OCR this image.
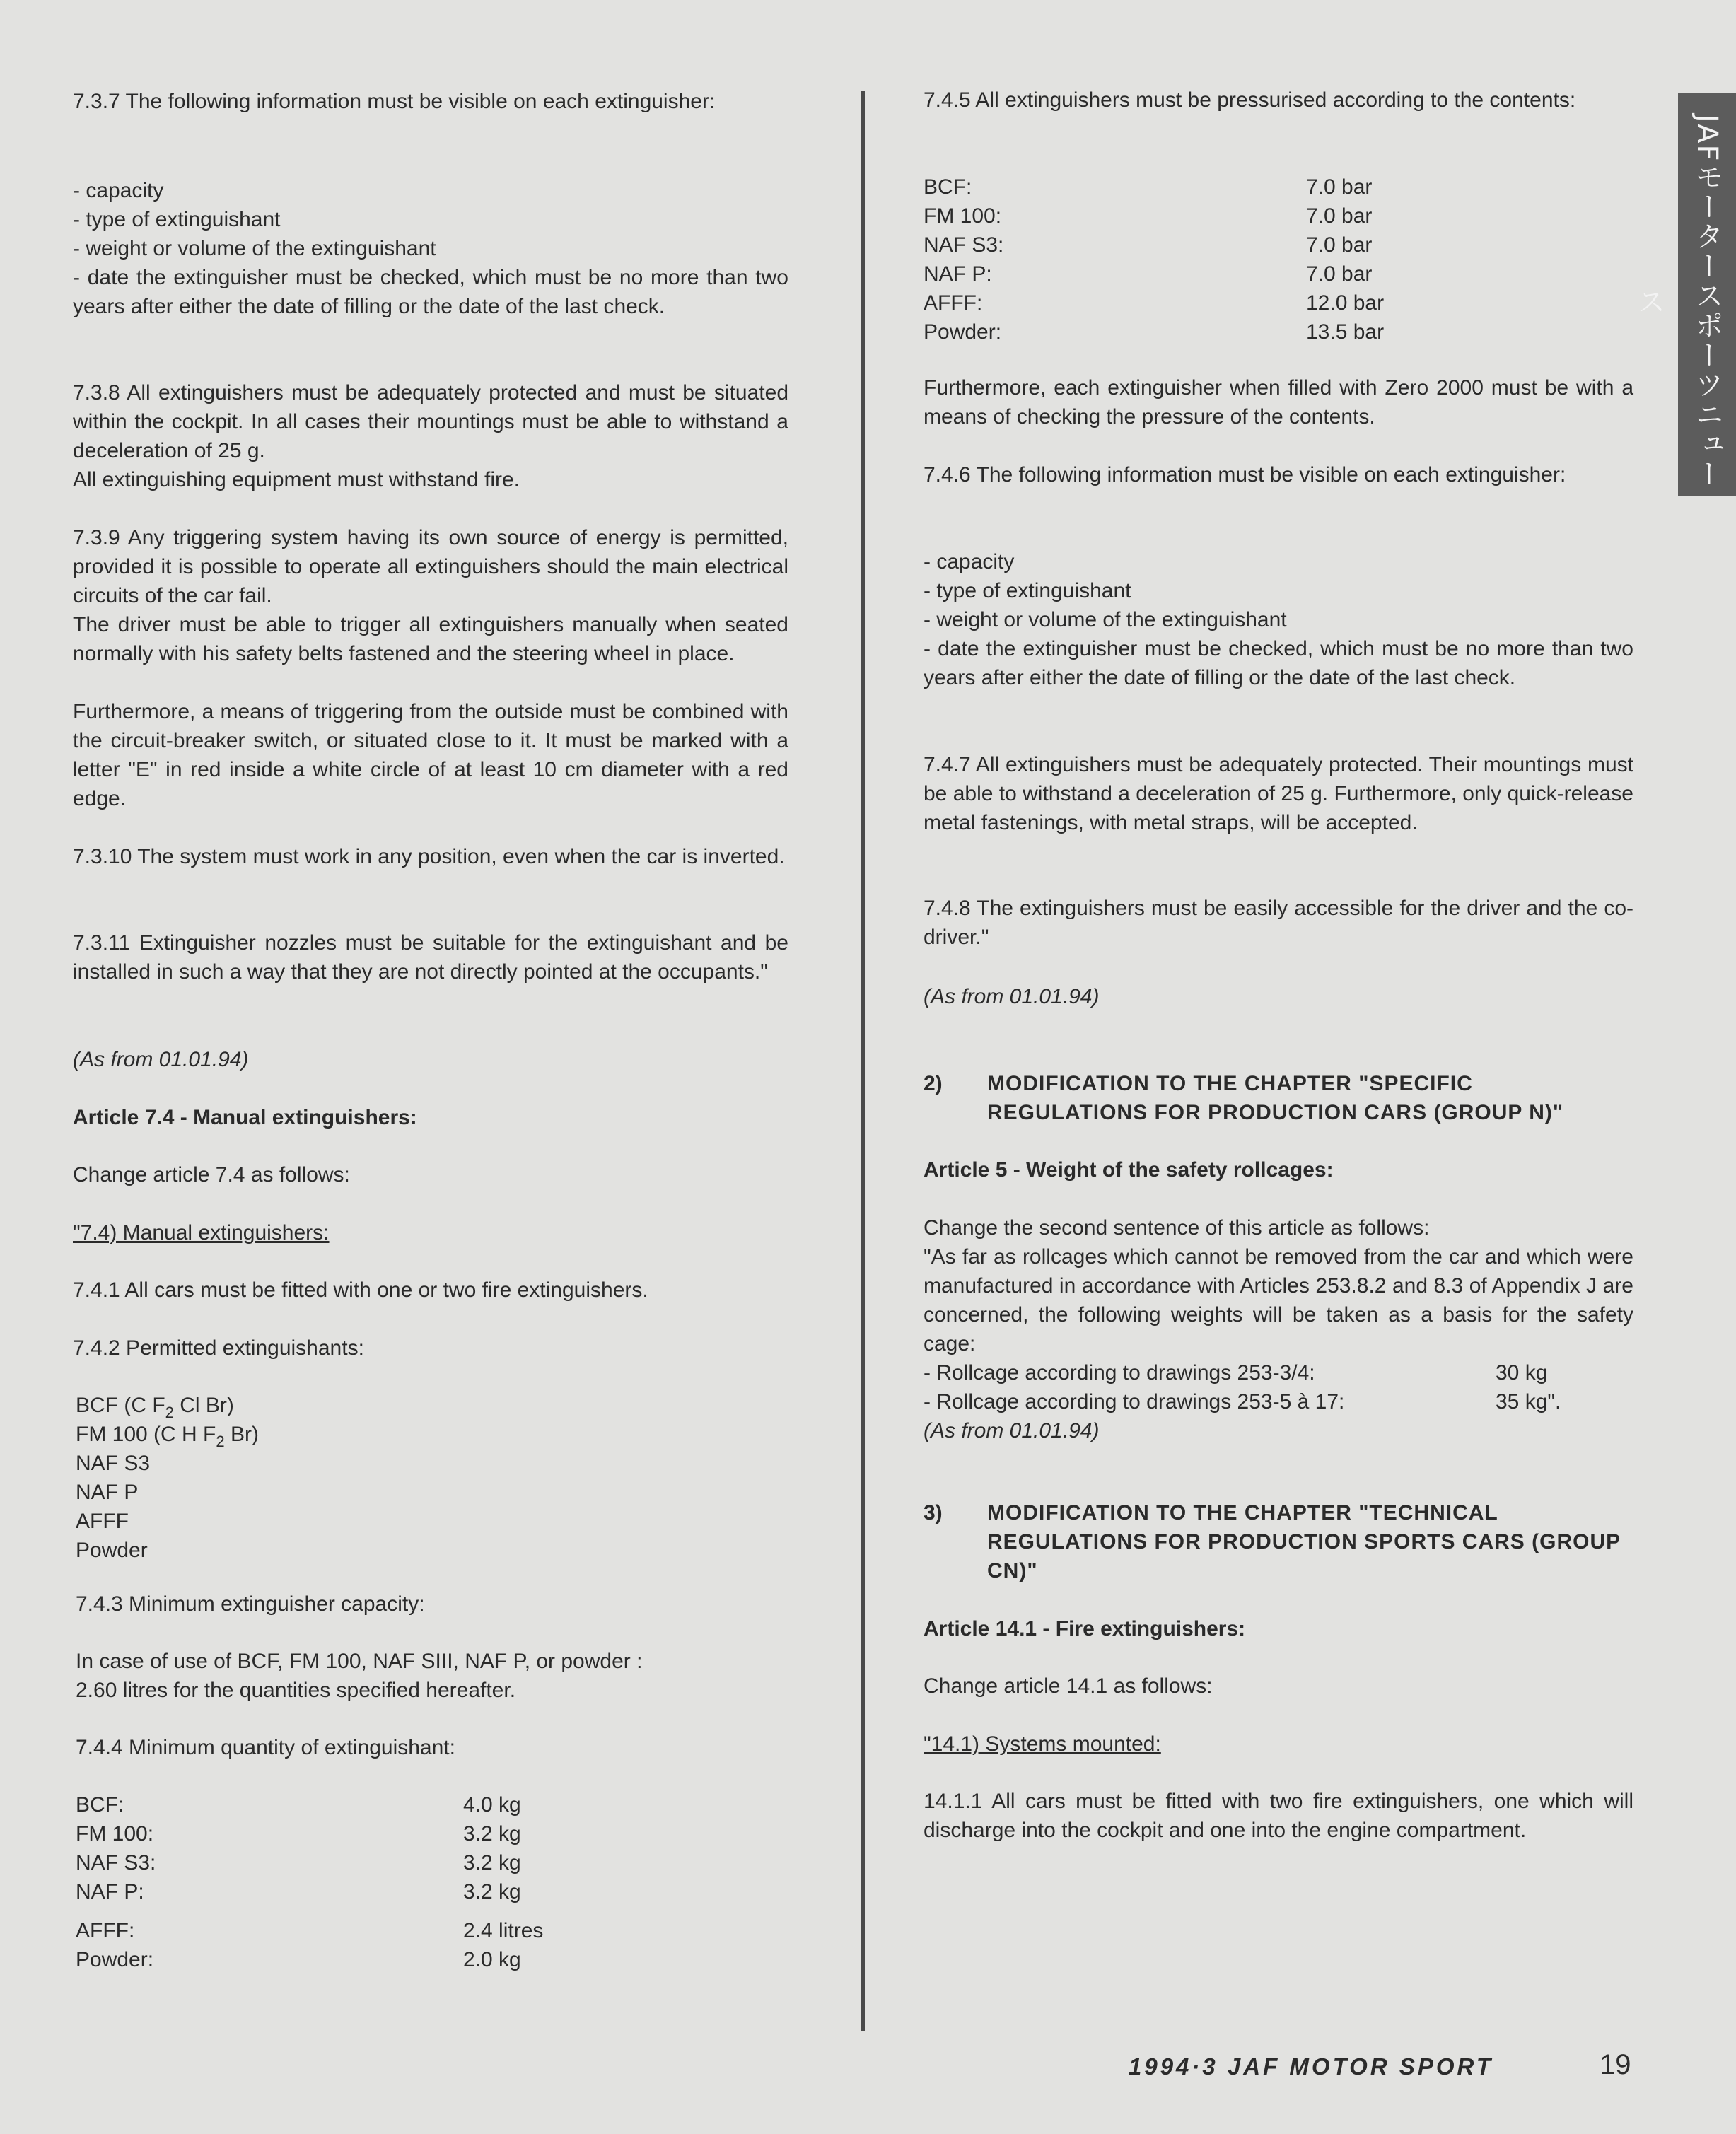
JAFモータースポーツニュース

7.3.7 The following information must be visible on each extinguisher:

- capacity

- type of extinguishant

- weight or volume of the extinguishant

- date the extinguisher must be checked, which must be no more than two years after either the date of filling or the date of the last check.

7.3.8 All extinguishers must be adequately protected and must be situated within the cockpit. In all cases their mountings must be able to withstand a deceleration of 25 g.

All extinguishing equipment must withstand fire.

7.3.9 Any triggering system having its own source of energy is permitted, provided it is possible to operate all extinguishers should the main electrical circuits of the car fail.

The driver must be able to trigger all extinguishers manually when seated normally with his safety belts fastened and the steering wheel in place.

Furthermore, a means of triggering from the outside must be combined with the circuit-breaker switch, or situated close to it. It must be marked with a letter "E" in red inside a white circle of at least 10 cm diameter with a red edge.

7.3.10 The system must work in any position, even when the car is inverted.

7.3.11 Extinguisher nozzles must be suitable for the extinguishant and be installed in such a way that they are not directly pointed at the occupants."

(As from 01.01.94)

Article 7.4 - Manual extinguishers:

Change article 7.4 as follows:

"7.4) Manual extinguishers:

7.4.1 All cars must be fitted with one or two fire extinguishers.

7.4.2 Permitted extinguishants:

BCF (C $F_2$ Cl Br)

FM 100 (C H $F_2$ Br)

NAF S3

NAF P

AFFF

Powder

7.4.3 Minimum extinguisher capacity:

In case of use of BCF, FM 100, NAF SIII, NAF P, or powder :

2.60 litres for the quantities specified hereafter.

7.4.4 Minimum quantity of extinguishant:

BCF:	4.0 kg
FM 100:	3.2 kg
NAF S3:	3.2 kg
NAF P:	3.2 kg
AFFF:	2.4 litres
Powder:	2.0 kg

7.4.5 All extinguishers must be pressurised according to the contents:

BCF:	7.0 bar
FM 100:	7.0 bar
NAF S3:	7.0 bar
NAF P:	7.0 bar
AFFF:	12.0 bar
Powder:	13.5 bar

Furthermore, each extinguisher when filled with Zero 2000 must be with a means of checking the pressure of the contents.

7.4.6 The following information must be visible on each extinguisher:

- capacity

- type of extinguishant

- weight or volume of the extinguishant

- date the extinguisher must be checked, which must be no more than two years after either the date of filling or the date of the last check.

7.4.7 All extinguishers must be adequately protected. Their mountings must be able to withstand a deceleration of 25 g. Furthermore, only quick-release metal fastenings, with metal straps, will be accepted.

7.4.8 The extinguishers must be easily accessible for the driver and the co-driver."

(As from 01.01.94)

2) MODIFICATION TO THE CHAPTER "SPECIFIC REGULATIONS FOR PRODUCTION CARS (GROUP N)"

Article 5 - Weight of the safety rollcages:

Change the second sentence of this article as follows:

"As far as rollcages which cannot be removed from the car and which were manufactured in accordance with Articles 253.8.2 and 8.3 of Appendix J are concerned, the following weights will be taken as a basis for the safety cage:

- Rollcage according to drawings 253-3/4:	30 kg
- Rollcage according to drawings 253-5 à 17:	35 kg".

(As from 01.01.94)

3) MODIFICATION TO THE CHAPTER "TECHNICAL REGULATIONS FOR PRODUCTION SPORTS CARS (GROUP CN)"

Article 14.1 - Fire extinguishers:

Change article 14.1 as follows:

"14.1) Systems mounted:

14.1.1 All cars must be fitted with two fire extinguishers, one which will discharge into the cockpit and one into the engine compartment.

1994·3 JAF MOTOR SPORT	19
